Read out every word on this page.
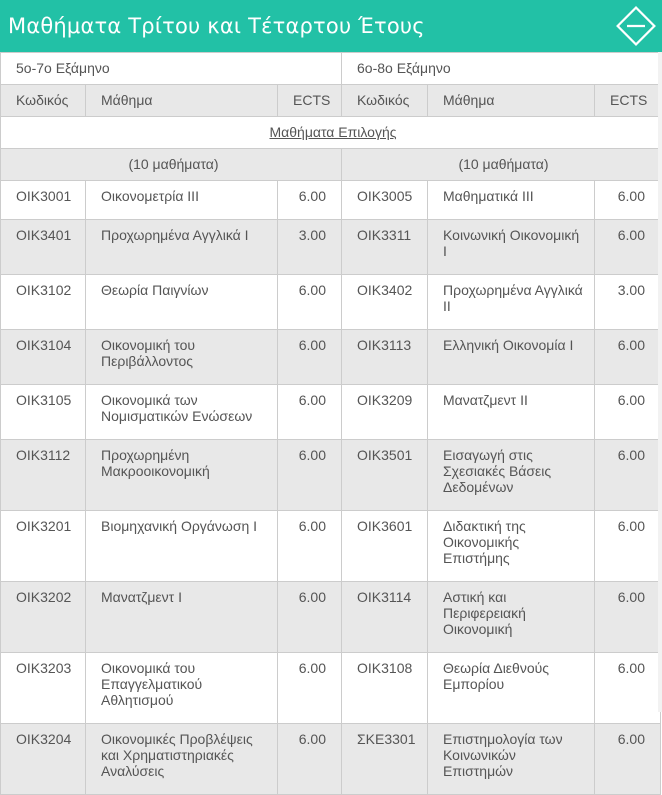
Μαθήματα Τρίτου και Τέταρτου Έτους
5ο-7ο Εξάμηνο			6ο-8ο Εξάμηνο		
Κωδικός	Μάθημα	ECTS	Κωδικός	Μάθημα	ECTS
Μαθήματα Επιλογής					
(10 μαθήματα)			(10 μαθήματα)		
ΟΙΚ3001	Οικονομετρία ΙΙΙ	6.00	ΟΙΚ3005	Μαθηματικά ΙΙΙ	6.00
ΟΙΚ3401	Προχωρημένα Αγγλικά Ι	3.00	ΟΙΚ3311	Κοινωνική Οικονομική Ι	6.00
ΟΙΚ3102	Θεωρία Παιγνίων	6.00	ΟΙΚ3402	Προχωρημένα Αγγλικά ΙΙ	3.00
ΟΙΚ3104	Οικονομική του Περιβάλλοντος	6.00	ΟΙΚ3113	Ελληνική Οικονομία Ι	6.00
ΟΙΚ3105	Οικονομικά των Νομισματικών Ενώσεων	6.00	ΟΙΚ3209	Μανατζμεντ ΙΙ	6.00
ΟΙΚ3112	Προχωρημένη Μακροοικονομική	6.00	ΟΙΚ3501	Εισαγωγή στις Σχεσιακές Βάσεις Δεδομένων	6.00
ΟΙΚ3201	Βιομηχανική Οργάνωση Ι	6.00	ΟΙΚ3601	Διδακτική της Οικονομικής Επιστήμης	6.00
ΟΙΚ3202	Μανατζμεντ Ι	6.00	ΟΙΚ3114	Αστική και Περιφερειακή Οικονομική	6.00
ΟΙΚ3203	Οικονομικά του Επαγγελματικού Αθλητισμού	6.00	ΟΙΚ3108	Θεωρία Διεθνούς Εμπορίου	6.00
ΟΙΚ3204	Οικονομικές Προβλέψεις και Χρηματιστηριακές Αναλύσεις	6.00	ΣΚΕ3301	Επιστημολογία των Κοινωνικών Επιστημών	6.00
